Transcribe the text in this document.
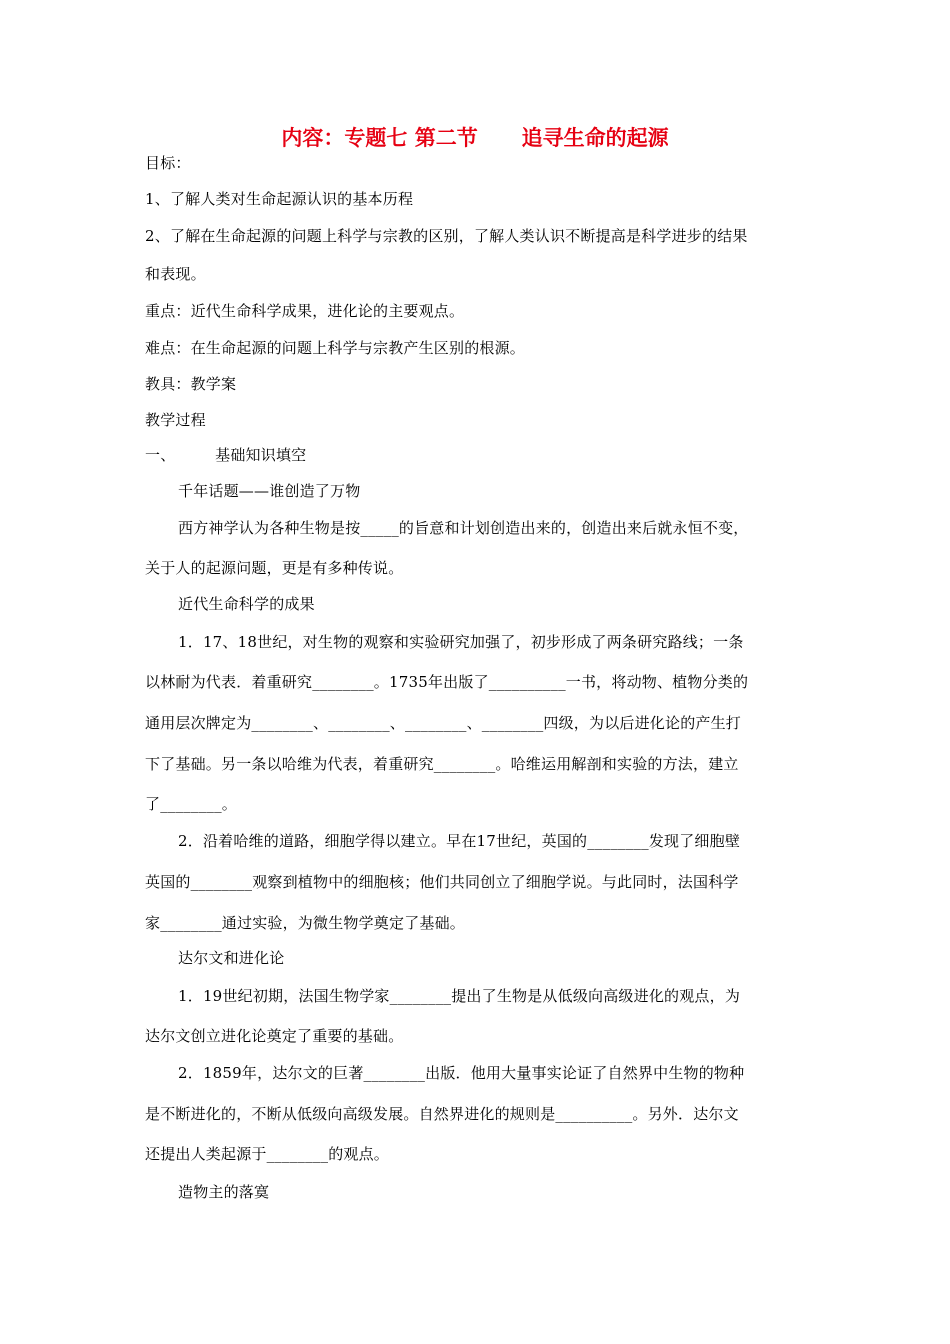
内容：专题七 第二节      追寻生命的起源
目标：
1、了解人类对生命起源认识的基本历程
2、了解在生命起源的问题上科学与宗教的区别，了解人类认识不断提高是科学进步的结果
和表现。
重点：近代生命科学成果，进化论的主要观点。
难点：在生命起源的问题上科学与宗教产生区别的根源。
教具：教学案
教学过程
一、        基础知识填空
千年话题——谁创造了万物
西方神学认为各种生物是按_____的旨意和计划创造出来的，创造出来后就永恒不变，
关于人的起源问题，更是有多种传说。
近代生命科学的成果
1．17、18世纪，对生物的观察和实验研究加强了，初步形成了两条研究路线；一条
以林耐为代表．着重研究________。1735年出版了__________一书，将动物、植物分类的
通用层次牌定为________、________、________、________四级，为以后进化论的产生打
下了基础。另一条以哈维为代表，着重研究________。哈维运用解剖和实验的方法，建立
了________。
2．沿着哈维的道路，细胞学得以建立。早在17世纪，英国的________发现了细胞壁
英国的________观察到植物中的细胞核；他们共同创立了细胞学说。与此同时，法国科学
家________通过实验，为微生物学奠定了基础。
达尔文和进化论
1．19世纪初期，法国生物学家________提出了生物是从低级向高级进化的观点，为
达尔文创立进化论奠定了重要的基础。
2．1859年，达尔文的巨著________出版．他用大量事实论证了自然界中生物的物种
是不断进化的，不断从低级向高级发展。自然界进化的规则是__________。另外．达尔文
还提出人类起源于________的观点。
造物主的落寞
